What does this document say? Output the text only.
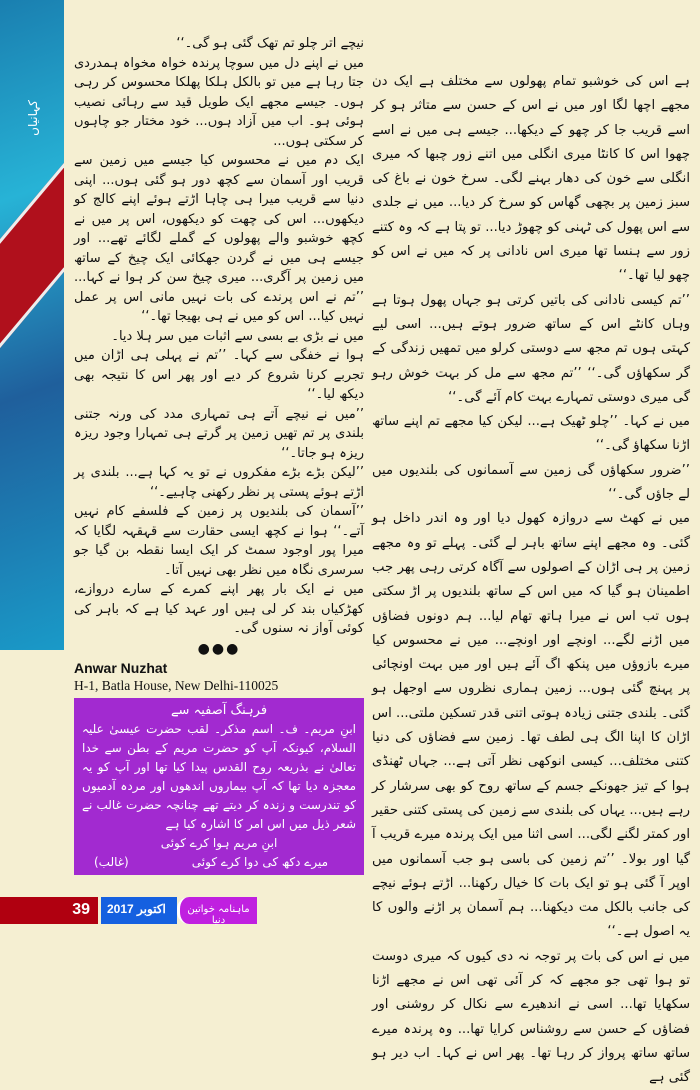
کہانیاں

ہے اس کی خوشبو تمام پھولوں سے مختلف ہے ایک دن مجھے اچھا لگا اور میں نے اس کے حسن سے متاثر ہو کر اسے قریب جا کر چھو کے دیکھا... جیسے ہی میں نے اسے چھوا اس کا کانٹا میری انگلی میں اتنے زور چبھا کہ میری انگلی سے خون کی دھار بہنے لگی۔ سرخ خون نے باغ کی سبز زمین پر بچھی گھاس کو سرخ کر دیا... میں نے جلدی سے اس پھول کی ٹہنی کو چھوڑ دیا... تو پتا ہے کہ وہ کتنے زور سے ہنسا تھا میری اس نادانی پر کہ میں نے اس کو چھو لیا تھا۔‘‘

’’تم کیسی نادانی کی باتیں کرتی ہو جہاں پھول ہوتا ہے وہاں کانٹے اس کے ساتھ ضرور ہوتے ہیں... اسی لیے کہتی ہوں تم مجھ سے دوستی کرلو میں تمھیں زندگی کے گر سکھاؤں گی۔‘‘ ’’تم مجھ سے مل کر بہت خوش رہو گی میری دوستی تمہارے بہت کام آئے گی۔‘‘

میں نے کہا۔ ’’چلو ٹھیک ہے... لیکن کیا مجھے تم اپنے ساتھ اڑنا سکھاؤ گی۔‘‘

’’ضرور سکھاؤں گی زمین سے آسمانوں کی بلندیوں میں لے جاؤں گی۔‘‘

میں نے کھٹ سے دروازہ کھول دیا اور وہ اندر داخل ہو گئی۔ وہ مجھے اپنے ساتھ باہر لے گئی۔ پہلے تو وہ مجھے زمین پر ہی اڑان کے اصولوں سے آگاہ کرتی رہی پھر جب اطمینان ہو گیا کہ میں اس کے ساتھ بلندیوں پر اڑ سکتی ہوں تب اس نے میرا ہاتھ تھام لیا... ہم دونوں فضاؤں میں اڑنے لگے... اونچے اور اونچے... میں نے محسوس کیا میرے بازوؤں میں پنکھ اگ آئے ہیں اور میں بہت اونچائی پر پہنچ گئی ہوں... زمین ہماری نظروں سے اوجھل ہو گئی۔ بلندی جتنی زیادہ ہوتی اتنی قدر تسکین ملتی... اس اڑان کا اپنا الگ ہی لطف تھا۔ زمین سے فضاؤں کی دنیا کتنی مختلف... کیسی انوکھی نظر آتی ہے... جہاں ٹھنڈی ہوا کے تیز جھونکے جسم کے ساتھ روح کو بھی سرشار کر رہے ہیں... یہاں کی بلندی سے زمین کی پستی کتنی حقیر اور کمتر لگنے لگی... اسی اثنا میں ایک پرندہ میرے قریب آ گیا اور بولا۔ ’’تم زمین کی باسی ہو جب آسمانوں میں اوپر آ گئی ہو تو ایک بات کا خیال رکھنا... اڑتے ہوئے نیچے کی جانب بالکل مت دیکھنا... ہم آسمان پر اڑنے والوں کا یہ اصول ہے۔‘‘

میں نے اس کی بات پر توجہ نہ دی کیوں کہ میری دوست تو ہوا تھی جو مجھے کہ کر آئی تھی اس نے مجھے اڑنا سکھایا تھا... اسی نے اندھیرے سے نکال کر روشنی اور فضاؤں کے حسن سے روشناس کرایا تھا... وہ پرندہ میرے ساتھ ساتھ پرواز کر رہا تھا۔ پھر اس نے کہا۔ اب دیر ہو گئی ہے

نیچے اتر چلو تم تھک گئی ہو گی۔‘‘

میں نے اپنے دل میں سوچا پرندہ خواہ مخواہ ہمدردی جتا رہا ہے میں تو بالکل ہلکا پھلکا محسوس کر رہی ہوں۔ جیسے مجھے ایک طویل قید سے رہائی نصیب ہوئی ہو۔ اب میں آزاد ہوں... خود مختار جو چاہوں کر سکتی ہوں...

ایک دم میں نے محسوس کیا جیسے میں زمین سے قریب اور آسمان سے کچھ دور ہو گئی ہوں... اپنی دنیا سے قریب میرا ہی چاہا اڑتے ہوئے اپنے کالج کو دیکھوں... اس کی چھت کو دیکھوں، اس پر میں نے کچھ خوشبو والے پھولوں کے گملے لگائے تھے... اور جیسے ہی میں نے گردن جھکائی ایک چیخ کے ساتھ میں زمین پر آگری... میری چیخ سن کر ہوا نے کہا... ’’تم نے اس پرندے کی بات نہیں مانی اس پر عمل نہیں کیا... اس کو میں نے ہی بھیجا تھا۔‘‘

میں نے بڑی بے بسی سے اثبات میں سر ہلا دیا۔

ہوا نے خفگی سے کہا۔ ’’تم نے پہلی ہی اڑان میں تجربے کرنا شروع کر دیے اور پھر اس کا نتیجہ بھی دیکھ لیا۔‘‘

’’میں نے نیچے آتے ہی تمہاری مدد کی ورنہ جتنی بلندی پر تم تھیں زمین پر گرتے ہی تمہارا وجود ریزہ ریزہ ہو جاتا۔‘‘

’’لیکن بڑے بڑے مفکروں نے تو یہ کہا ہے... بلندی پر اڑتے ہوئے پستی پر نظر رکھنی چاہیے۔‘‘

’’آسمان کی بلندیوں پر زمین کے فلسفے کام نہیں آتے۔‘‘ ہوا نے کچھ ایسی حقارت سے قہقہہ لگایا کہ میرا پور اوجود سمٹ کر ایک ایسا نقطہ بن گیا جو سرسری نگاہ میں نظر بھی نہیں آتا۔

میں نے ایک بار پھر اپنے کمرے کے سارے دروازے، کھڑکیاں بند کر لی ہیں اور عہد کیا ہے کہ باہر کی کوئی آواز نہ سنوں گی۔

●●●
Anwar Nuzhat
H-1, Batla House, New Delhi-110025
فرہنگ آصفیہ سے
ابنِ مریم۔ ف۔ اسم مذکر۔ لقب حضرت عیسیٰ علیہ السلام، کیونکہ آپ کو حضرت مریم کے بطن سے خدا تعالیٰ نے بذریعہ روح القدس پیدا کیا تھا اور آپ کو یہ معجزہ دیا تھا کہ آپ بیماروں اندھوں اور مردہ آدمیوں کو تندرست و زندہ کر دیتے تھے چنانچہ حضرت غالب نے شعر ذیل میں اس امر کا اشارہ کیا ہے
ابنِ مریم ہوا کرے کوئی
میرے دکھ کی دوا کرے کوئی
(غالب)
39	2017 اکتوبر	ماہنامہ خواتین دنیا
